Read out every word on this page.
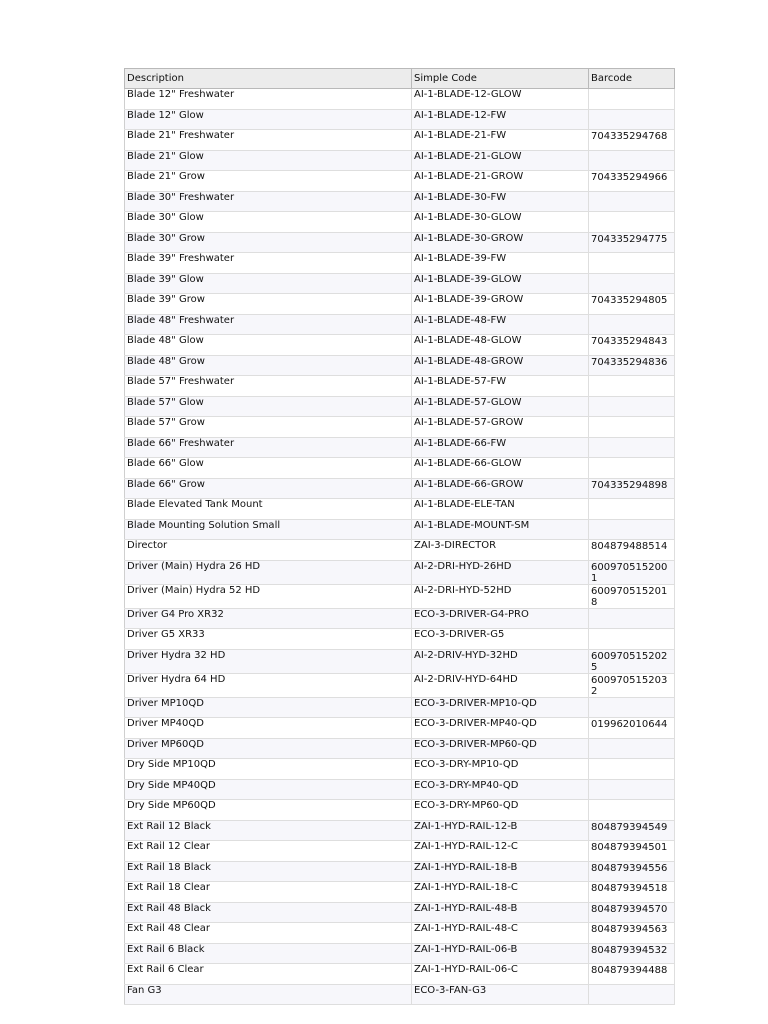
Description	Simple Code	Barcode
Blade 12" Freshwater	AI-1-BLADE-12-GLOW	
Blade 12" Glow	AI-1-BLADE-12-FW	
Blade 21" Freshwater	AI-1-BLADE-21-FW	704335294768
Blade 21" Glow	AI-1-BLADE-21-GLOW	
Blade 21" Grow	AI-1-BLADE-21-GROW	704335294966
Blade 30" Freshwater	AI-1-BLADE-30-FW	
Blade 30" Glow	AI-1-BLADE-30-GLOW	
Blade 30" Grow	AI-1-BLADE-30-GROW	704335294775
Blade 39" Freshwater	AI-1-BLADE-39-FW	
Blade 39" Glow	AI-1-BLADE-39-GLOW	
Blade 39" Grow	AI-1-BLADE-39-GROW	704335294805
Blade 48" Freshwater	AI-1-BLADE-48-FW	
Blade 48" Glow	AI-1-BLADE-48-GLOW	704335294843
Blade 48" Grow	AI-1-BLADE-48-GROW	704335294836
Blade 57" Freshwater	AI-1-BLADE-57-FW	
Blade 57" Glow	AI-1-BLADE-57-GLOW	
Blade 57" Grow	AI-1-BLADE-57-GROW	
Blade 66" Freshwater	AI-1-BLADE-66-FW	
Blade 66" Glow	AI-1-BLADE-66-GLOW	
Blade 66" Grow	AI-1-BLADE-66-GROW	704335294898
Blade Elevated Tank Mount	AI-1-BLADE-ELE-TAN	
Blade Mounting Solution Small	AI-1-BLADE-MOUNT-SM	
Director	ZAI-3-DIRECTOR	804879488514
Driver (Main) Hydra 26 HD	AI-2-DRI-HYD-26HD	6009705152001
Driver (Main) Hydra 52 HD	AI-2-DRI-HYD-52HD	6009705152018
Driver G4 Pro XR32	ECO-3-DRIVER-G4-PRO	
Driver G5 XR33	ECO-3-DRIVER-G5	
Driver Hydra 32 HD	AI-2-DRIV-HYD-32HD	6009705152025
Driver Hydra 64 HD	AI-2-DRIV-HYD-64HD	6009705152032
Driver MP10QD	ECO-3-DRIVER-MP10-QD	
Driver MP40QD	ECO-3-DRIVER-MP40-QD	019962010644
Driver MP60QD	ECO-3-DRIVER-MP60-QD	
Dry Side MP10QD	ECO-3-DRY-MP10-QD	
Dry Side MP40QD	ECO-3-DRY-MP40-QD	
Dry Side MP60QD	ECO-3-DRY-MP60-QD	
Ext Rail 12 Black	ZAI-1-HYD-RAIL-12-B	804879394549
Ext Rail 12 Clear	ZAI-1-HYD-RAIL-12-C	804879394501
Ext Rail 18 Black	ZAI-1-HYD-RAIL-18-B	804879394556
Ext Rail 18 Clear	ZAI-1-HYD-RAIL-18-C	804879394518
Ext Rail 48 Black	ZAI-1-HYD-RAIL-48-B	804879394570
Ext Rail 48 Clear	ZAI-1-HYD-RAIL-48-C	804879394563
Ext Rail 6 Black	ZAI-1-HYD-RAIL-06-B	804879394532
Ext Rail 6 Clear	ZAI-1-HYD-RAIL-06-C	804879394488
Fan G3	ECO-3-FAN-G3	
